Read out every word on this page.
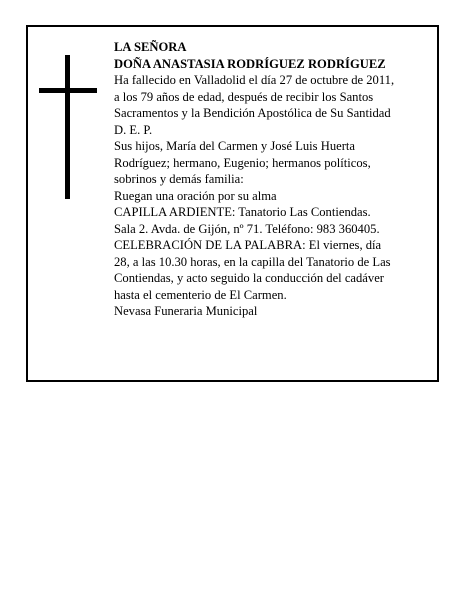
LA SEÑORA
DOÑA ANASTASIA RODRÍGUEZ RODRÍGUEZ
Ha fallecido en Valladolid el día 27 de octubre de 2011,
a los 79 años de edad, después de recibir los Santos
Sacramentos y la Bendición Apostólica de Su Santidad
D. E. P.
Sus hijos, María del Carmen y José Luis Huerta
Rodríguez; hermano, Eugenio; hermanos políticos,
sobrinos y demás familia:
Ruegan una oración por su alma
CAPILLA ARDIENTE: Tanatorio Las Contiendas.
Sala 2. Avda. de Gijón, nº 71. Teléfono: 983 360405.
CELEBRACIÓN DE LA PALABRA: El viernes, día
28, a las 10.30 horas, en la capilla del Tanatorio de Las
Contiendas, y acto seguido la conducción del cadáver
hasta el cementerio de El Carmen.
Nevasa Funeraria Municipal
